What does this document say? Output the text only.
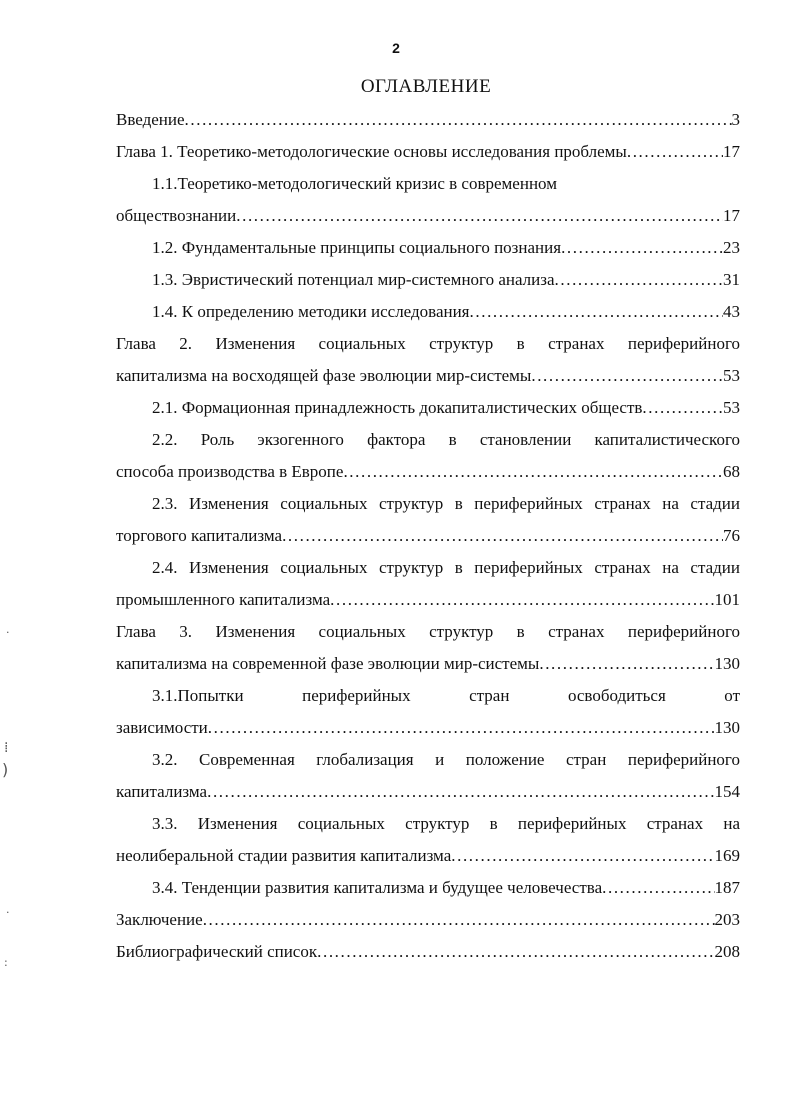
2
ОГЛАВЛЕНИЕ
Введение .....	3
Глава 1. Теоретико-методологические основы исследования проблемы .....	17
1.1.Теоретико-методологический кризис в современном
обществознании .....	17
1.2. Фундаментальные принципы социального познания .....	23
1.3. Эвристический потенциал мир-системного анализа .....	31
1.4. К определению методики исследования .....	43
Глава 2. Изменения социальных структур в странах периферийного
капитализма на восходящей фазе эволюции мир-системы .....	53
2.1. Формационная принадлежность докапиталистических обществ .....	53
2.2. Роль экзогенного фактора в становлении капиталистического
способа производства в Европе .....	68
2.3. Изменения социальных структур в периферийных странах на стадии
торгового капитализма .....	76
2.4. Изменения социальных структур в периферийных странах на стадии
промышленного капитализма .....	101
Глава 3. Изменения социальных структур в странах периферийного
капитализма на современной фазе эволюции мир-системы .....	130
3.1.Попытки периферийных стран освободиться от
зависимости .....	130
3.2. Современная глобализация и положение стран периферийного
капитализма .....	154
3.3. Изменения социальных структур в периферийных странах на
неолиберальной стадии развития капитализма .....	169
3.4. Тенденции развития капитализма и будущее человечества .....	187
Заключение .....	203
Библиографический список .....	208
·
⁞
)
·
:
